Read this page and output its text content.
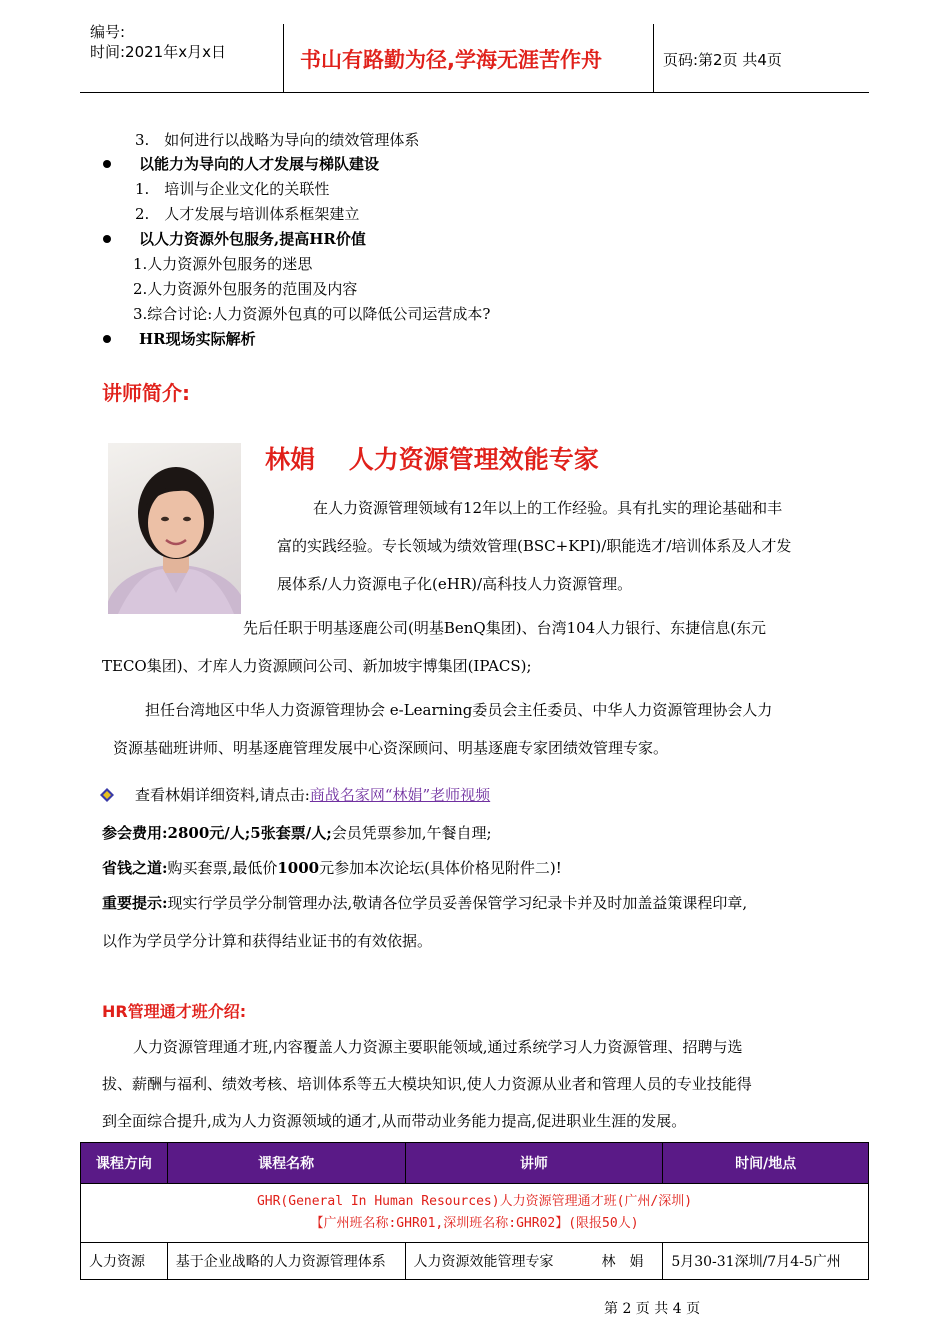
编号:
时间:2021年x月x日	书山有路勤为径,学海无涯苦作舟	页码:第2页 共4页
3.　如何进行以战略为导向的绩效管理体系
以能力为导向的人才发展与梯队建设
1.　培训与企业文化的关联性
2.　人才发展与培训体系框架建立
以人力资源外包服务,提高HR价值
1.人力资源外包服务的迷思
2.人力资源外包服务的范围及内容
3.综合讨论:人力资源外包真的可以降低公司运营成本?
HR现场实际解析
讲师简介:
林娟　 人力资源管理效能专家
在人力资源管理领域有12年以上的工作经验。具有扎实的理论基础和丰
富的实践经验。专长领域为绩效管理(BSC+KPI)/职能选才/培训体系及人才发
展体系/人力资源电子化(eHR)/高科技人力资源管理。
先后任职于明基逐鹿公司(明基BenQ集团)、台湾104人力银行、东捷信息(东元
TECO集团)、才库人力资源顾问公司、新加坡宇博集团(IPACS);
担任台湾地区中华人力资源管理协会 e-Learning委员会主任委员、中华人力资源管理协会人力
资源基础班讲师、明基逐鹿管理发展中心资深顾问、明基逐鹿专家团绩效管理专家。
查看林娟详细资料,请点击:商战名家网“林娟”老师视频
参会费用:2800元/人;5张套票/人;会员凭票参加,午餐自理;
省钱之道:购买套票,最低价1000元参加本次论坛(具体价格见附件二)!
重要提示:现实行学员学分制管理办法,敬请各位学员妥善保管学习纪录卡并及时加盖益策课程印章,
以作为学员学分计算和获得结业证书的有效依据。
HR管理通才班介绍:
人力资源管理通才班,内容覆盖人力资源主要职能领域,通过系统学习人力资源管理、招聘与选
拔、薪酬与福利、绩效考核、培训体系等五大模块知识,使人力资源从业者和管理人员的专业技能得
到全面综合提升,成为人力资源领域的通才,从而带动业务能力提高,促进职业生涯的发展。
课程方向	课程名称	讲师	时间/地点

GHR(General In Human Resources)人力资源管理通才班(广州/深圳)
【广州班名称:GHR01,深圳班名称:GHR02】(限报50人)			

人力资源	基于企业战略的人力资源管理体系	人力资源效能管理专家 林　娟	5月30-31深圳/7月4-5广州
第 2 页 共 4 页
